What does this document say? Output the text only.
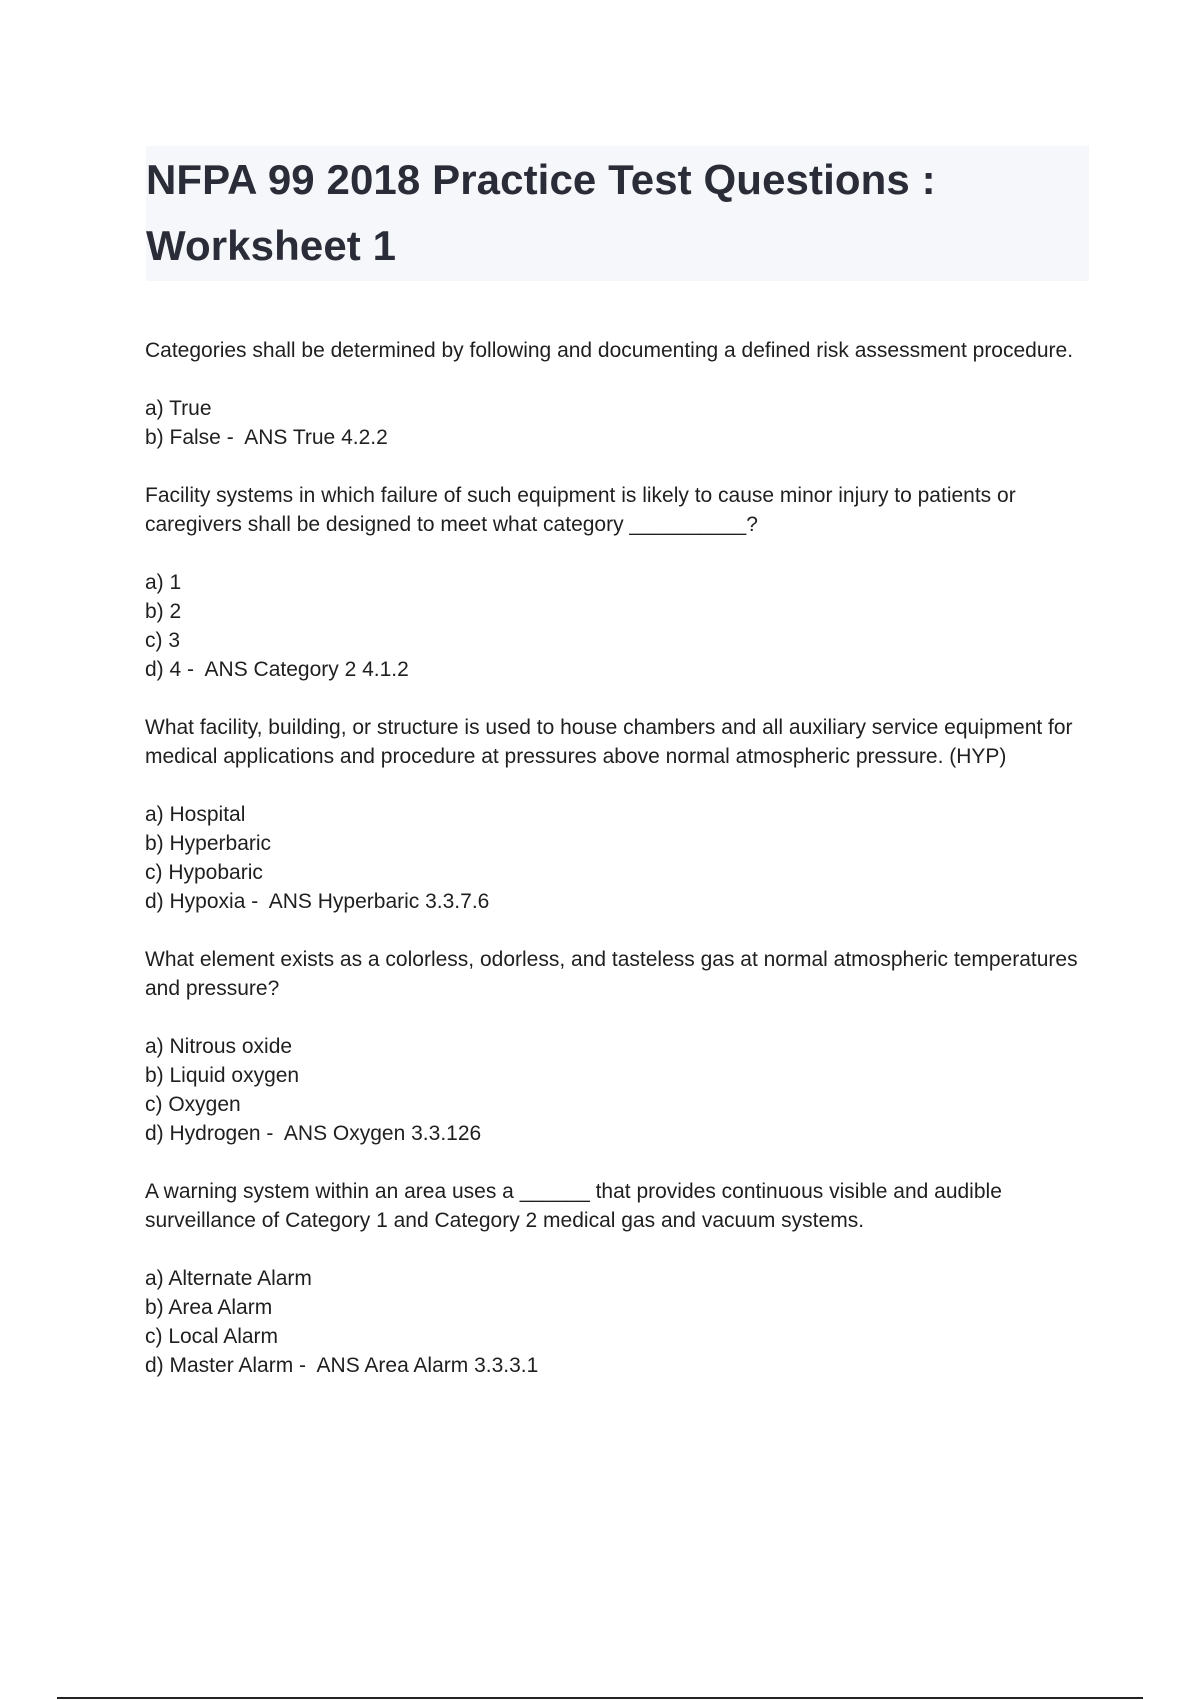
NFPA 99 2018 Practice Test Questions : Worksheet 1

Categories shall be determined by following and documenting a defined risk assessment procedure.

a) True
b) False -  ANS True 4.2.2

Facility systems in which failure of such equipment is likely to cause minor injury to patients or caregivers shall be designed to meet what category __________?

a) 1
b) 2
c) 3
d) 4 -  ANS Category 2 4.1.2

What facility, building, or structure is used to house chambers and all auxiliary service equipment for medical applications and procedure at pressures above normal atmospheric pressure. (HYP)

a) Hospital
b) Hyperbaric
c) Hypobaric
d) Hypoxia -  ANS Hyperbaric 3.3.7.6

What element exists as a colorless, odorless, and tasteless gas at normal atmospheric temperatures and pressure?

a) Nitrous oxide
b) Liquid oxygen
c) Oxygen
d) Hydrogen -  ANS Oxygen 3.3.126

A warning system within an area uses a ______ that provides continuous visible and audible surveillance of Category 1 and Category 2 medical gas and vacuum systems.

a) Alternate Alarm
b) Area Alarm
c) Local Alarm
d) Master Alarm -  ANS Area Alarm 3.3.3.1
